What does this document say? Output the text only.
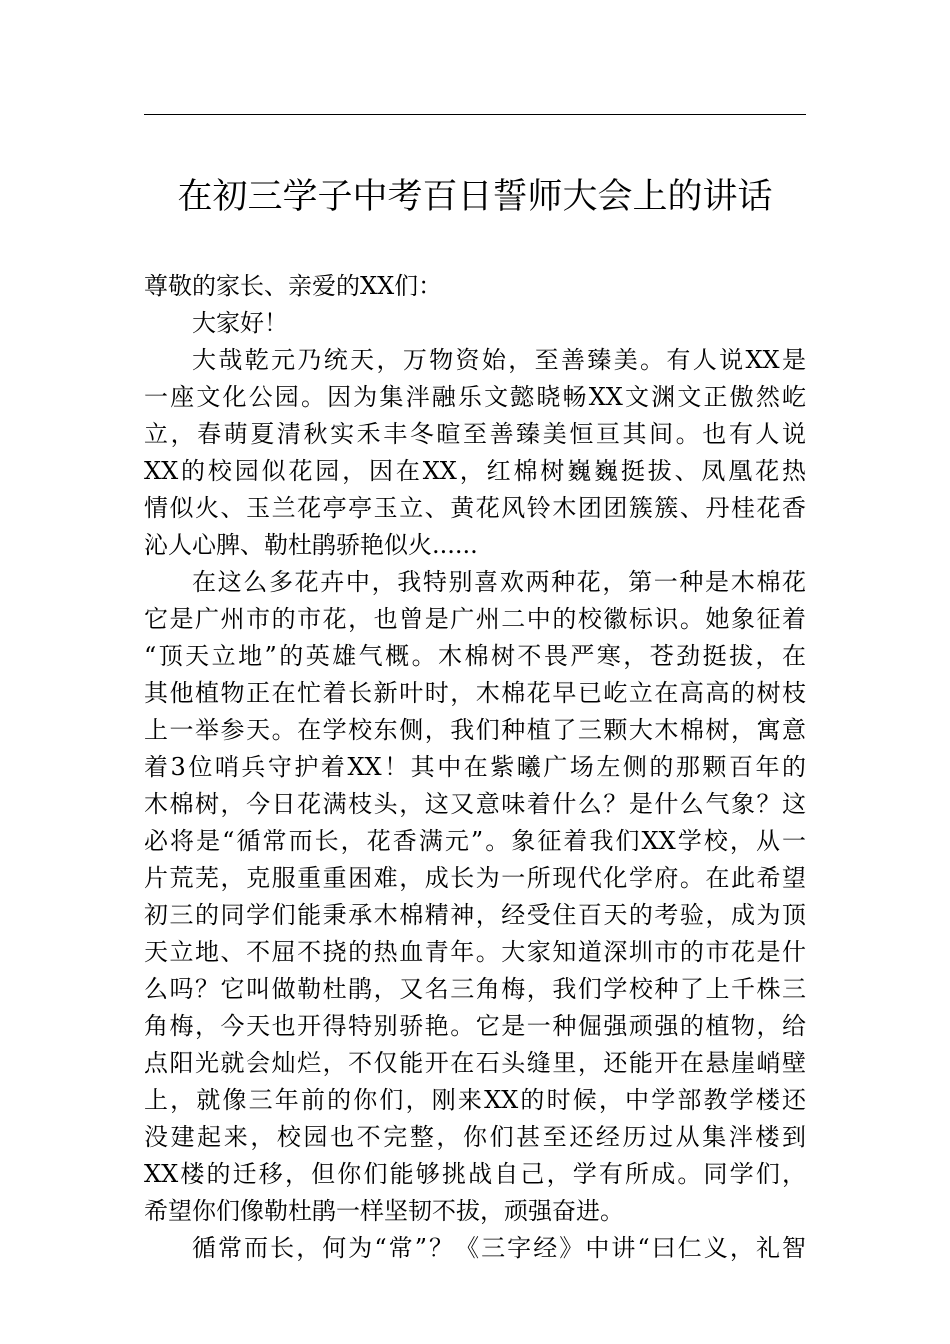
在初三学子中考百日誓师大会上的讲话
尊敬的家长、亲爱的XX们：
大家好！
大哉乾元乃统天，万物资始，至善臻美。有人说XX是
一座文化公园。因为集泮融乐文懿晓畅XX文渊文正傲然屹
立，春萌夏清秋实禾丰冬暄至善臻美恒亘其间。也有人说
XX的校园似花园，因在XX，红棉树巍巍挺拔、凤凰花热
情似火、玉兰花亭亭玉立、黄花风铃木团团簇簇、丹桂花香
沁人心脾、勒杜鹃骄艳似火......
在这么多花卉中，我特别喜欢两种花，第一种是木棉花
它是广州市的市花，也曾是广州二中的校徽标识。她象征着
“顶天立地”的英雄气概。木棉树不畏严寒，苍劲挺拔，在
其他植物正在忙着长新叶时，木棉花早已屹立在高高的树枝
上一举参天。在学校东侧，我们种植了三颗大木棉树，寓意
着3位哨兵守护着XX！其中在紫曦广场左侧的那颗百年的
木棉树，今日花满枝头，这又意味着什么？是什么气象？这
必将是“循常而长，花香满元”。象征着我们XX学校，从一
片荒芜，克服重重困难，成长为一所现代化学府。在此希望
初三的同学们能秉承木棉精神，经受住百天的考验，成为顶
天立地、不屈不挠的热血青年。大家知道深圳市的市花是什
么吗？它叫做勒杜鹃，又名三角梅，我们学校种了上千株三
角梅，今天也开得特别骄艳。它是一种倔强顽强的植物，给
点阳光就会灿烂，不仅能开在石头缝里，还能开在悬崖峭壁
上，就像三年前的你们，刚来XX的时候，中学部教学楼还
没建起来，校园也不完整，你们甚至还经历过从集泮楼到
XX楼的迁移，但你们能够挑战自己，学有所成。同学们，
希望你们像勒杜鹃一样坚韧不拔，顽强奋进。
循常而长，何为“常”？《三字经》中讲“曰仁义，礼智
